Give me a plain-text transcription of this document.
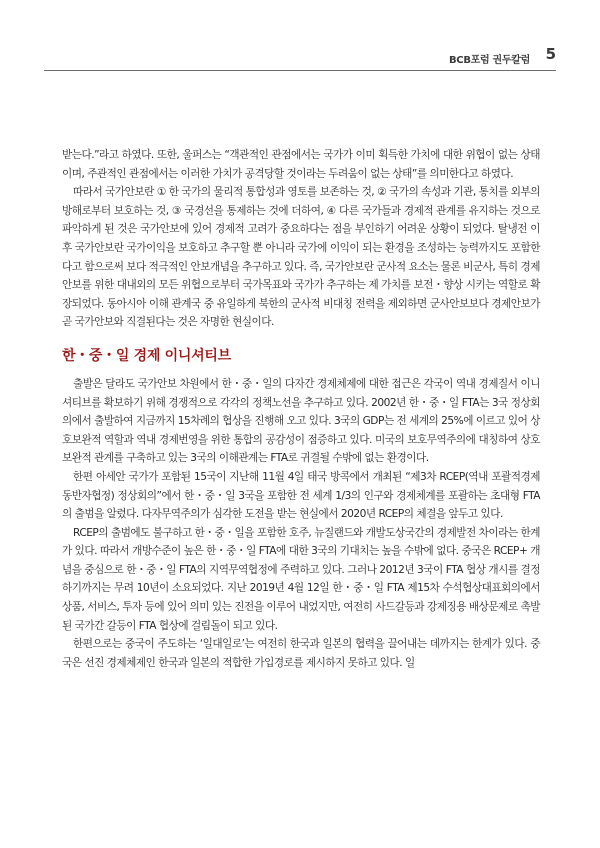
BCB포럼 권두칼럼 5

받는다.”라고 하였다. 또한, 울퍼스는 “객관적인 관점에서는 국가가 이미 획득한 가치에 대한 위협이 없는 상태이며, 주관적인 관점에서는 이러한 가치가 공격당할 것이라는 두려움이 없는 상태”를 의미한다고 하였다.

따라서 국가안보란 ① 한 국가의 물리적 통합성과 영토를 보존하는 것, ② 국가의 속성과 기관, 통치를 외부의 방해로부터 보호하는 것, ③ 국경선을 통제하는 것에 더하여, ④ 다른 국가들과 경제적 관계를 유지하는 것으로 파악하게 된 것은 국가안보에 있어 경제적 고려가 중요하다는 점을 부인하기 어려운 상황이 되었다. 탈냉전 이후 국가안보란 국가이익을 보호하고 추구할 뿐 아니라 국가에 이익이 되는 환경을 조성하는 능력까지도 포함한다고 함으로써 보다 적극적인 안보개념을 추구하고 있다. 즉, 국가안보란 군사적 요소는 물론 비군사, 특히 경제안보를 위한 대내외의 모든 위협으로부터 국가목표와 국가가 추구하는 제 가치를 보전・향상 시키는 역할로 확장되었다. 동아시아 이해 관계국 중 유일하게 북한의 군사적 비대칭 전력을 제외하면 군사안보보다 경제안보가 곧 국가안보와 직결된다는 것은 자명한 현실이다.

한・중・일 경제 이니셔티브

출발은 달라도 국가안보 차원에서 한・중・일의 다자간 경제체제에 대한 접근은 각국이 역내 경제질서 이니셔티브를 확보하기 위해 경쟁적으로 각각의 정책노선을 추구하고 있다. 2002년 한・중・일 FTA는 3국 정상회의에서 출발하여 지금까지 15차례의 협상을 진행해 오고 있다. 3국의 GDP는 전 세계의 25%에 이르고 있어 상호보완적 역할과 역내 경제번영을 위한 통합의 공감성이 점증하고 있다. 미국의 보호무역주의에 대칭하여 상호보완적 관계를 구축하고 있는 3국의 이해관계는 FTA로 귀결될 수밖에 없는 환경이다.

한편 아세안 국가가 포함된 15국이 지난해 11월 4일 태국 방콕에서 개최된 “제3차 RCEP(역내 포괄적경제동반자협정) 정상회의”에서 한・중・일 3국을 포함한 전 세계 1/3의 인구와 경제체계를 포괄하는 초대형 FTA의 출범을 알렸다. 다자무역주의가 심각한 도전을 받는 현실에서 2020년 RCEP의 체결을 앞두고 있다.

RCEP의 출범에도 불구하고 한・중・일을 포함한 호주, 뉴질랜드와 개발도상국간의 경제발전 차이라는 한계가 있다. 따라서 개방수준이 높은 한・중・일 FTA에 대한 3국의 기대치는 높을 수밖에 없다. 중국은 RCEP+ 개념을 중심으로 한・중・일 FTA의 지역무역협정에 주력하고 있다. 그러나 2012년 3국이 FTA 협상 개시를 결정하기까지는 무려 10년이 소요되었다. 지난 2019년 4월 12일 한・중・일 FTA 제15차 수석협상대표회의에서 상품, 서비스, 투자 등에 있어 의미 있는 진전을 이루어 내었지만, 여전히 사드갈등과 강제징용 배상문제로 촉발된 국가간 갈등이 FTA 협상에 걸림돌이 되고 있다.

한편으로는 중국이 주도하는 ‘일대일로’는 여전히 한국과 일본의 협력을 끌어내는 데까지는 한계가 있다. 중국은 선진 경제체제인 한국과 일본의 적합한 가입경로를 제시하지 못하고 있다. 일
